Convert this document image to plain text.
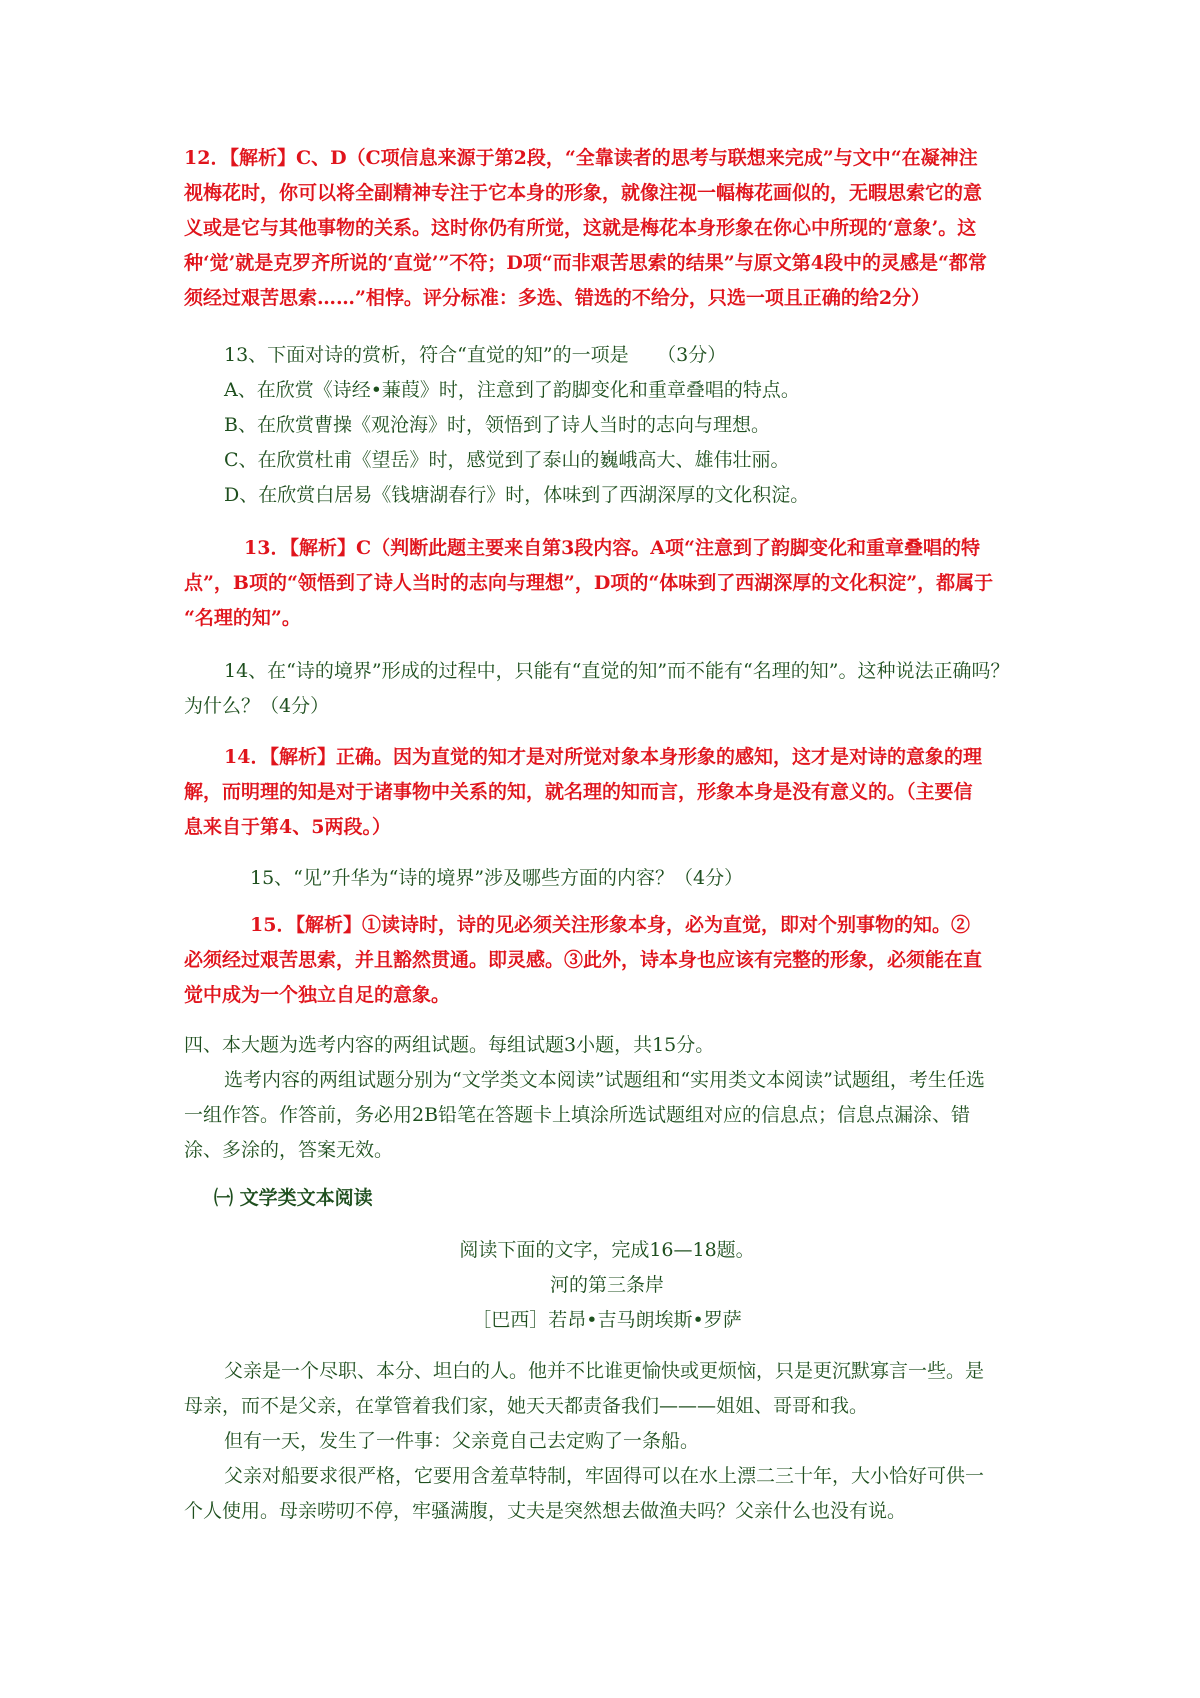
12．【解析】C、D（C项信息来源于第2段，“全靠读者的思考与联想来完成”与文中“在凝神注
视梅花时，你可以将全副精神专注于它本身的形象，就像注视一幅梅花画似的，无暇思索它的意
义或是它与其他事物的关系。这时你仍有所觉，这就是梅花本身形象在你心中所现的‘意象’。这
种‘觉’就是克罗齐所说的‘直觉’”不符；D项“而非艰苦思索的结果”与原文第4段中的灵感是“都常
须经过艰苦思索……”相悖。评分标准：多选、错选的不给分，只选一项且正确的给2分）
13、下面对诗的赏析，符合“直觉的知”的一项是　　（3分）
A、在欣赏《诗经•蒹葭》时，注意到了韵脚变化和重章叠唱的特点。
B、在欣赏曹操《观沧海》时，领悟到了诗人当时的志向与理想。
C、在欣赏杜甫《望岳》时，感觉到了泰山的巍峨高大、雄伟壮丽。
D、在欣赏白居易《钱塘湖春行》时，体味到了西湖深厚的文化积淀。
13．【解析】C（判断此题主要来自第3段内容。A项“注意到了韵脚变化和重章叠唱的特
点”，B项的“领悟到了诗人当时的志向与理想”，D项的“体味到了西湖深厚的文化积淀”，都属于
“名理的知”。
14、在“诗的境界”形成的过程中，只能有“直觉的知”而不能有“名理的知”。这种说法正确吗？
为什么？（4分）
14．【解析】正确。因为直觉的知才是对所觉对象本身形象的感知，这才是对诗的意象的理
解，而明理的知是对于诸事物中关系的知，就名理的知而言，形象本身是没有意义的。（主要信
息来自于第4、5两段。）
15、“见”升华为“诗的境界”涉及哪些方面的内容？（4分）
15．【解析】①读诗时，诗的见必须关注形象本身，必为直觉，即对个别事物的知。②
必须经过艰苦思索，并且豁然贯通。即灵感。③此外，诗本身也应该有完整的形象，必须能在直
觉中成为一个独立自足的意象。
四、本大题为选考内容的两组试题。每组试题3小题，共15分。
选考内容的两组试题分别为“文学类文本阅读”试题组和“实用类文本阅读”试题组，考生任选
一组作答。作答前，务必用2B铅笔在答题卡上填涂所选试题组对应的信息点；信息点漏涂、错
涂、多涂的，答案无效。
㈠ 文学类文本阅读
阅读下面的文字，完成16—18题。
河的第三条岸
［巴西］若昂•吉马朗埃斯•罗萨
父亲是一个尽职、本分、坦白的人。他并不比谁更愉快或更烦恼，只是更沉默寡言一些。是
母亲，而不是父亲，在掌管着我们家，她天天都责备我们———姐姐、哥哥和我。
但有一天，发生了一件事：父亲竟自己去定购了一条船。
父亲对船要求很严格，它要用含羞草特制，牢固得可以在水上漂二三十年，大小恰好可供一
个人使用。母亲唠叨不停，牢骚满腹，丈夫是突然想去做渔夫吗？父亲什么也没有说。
